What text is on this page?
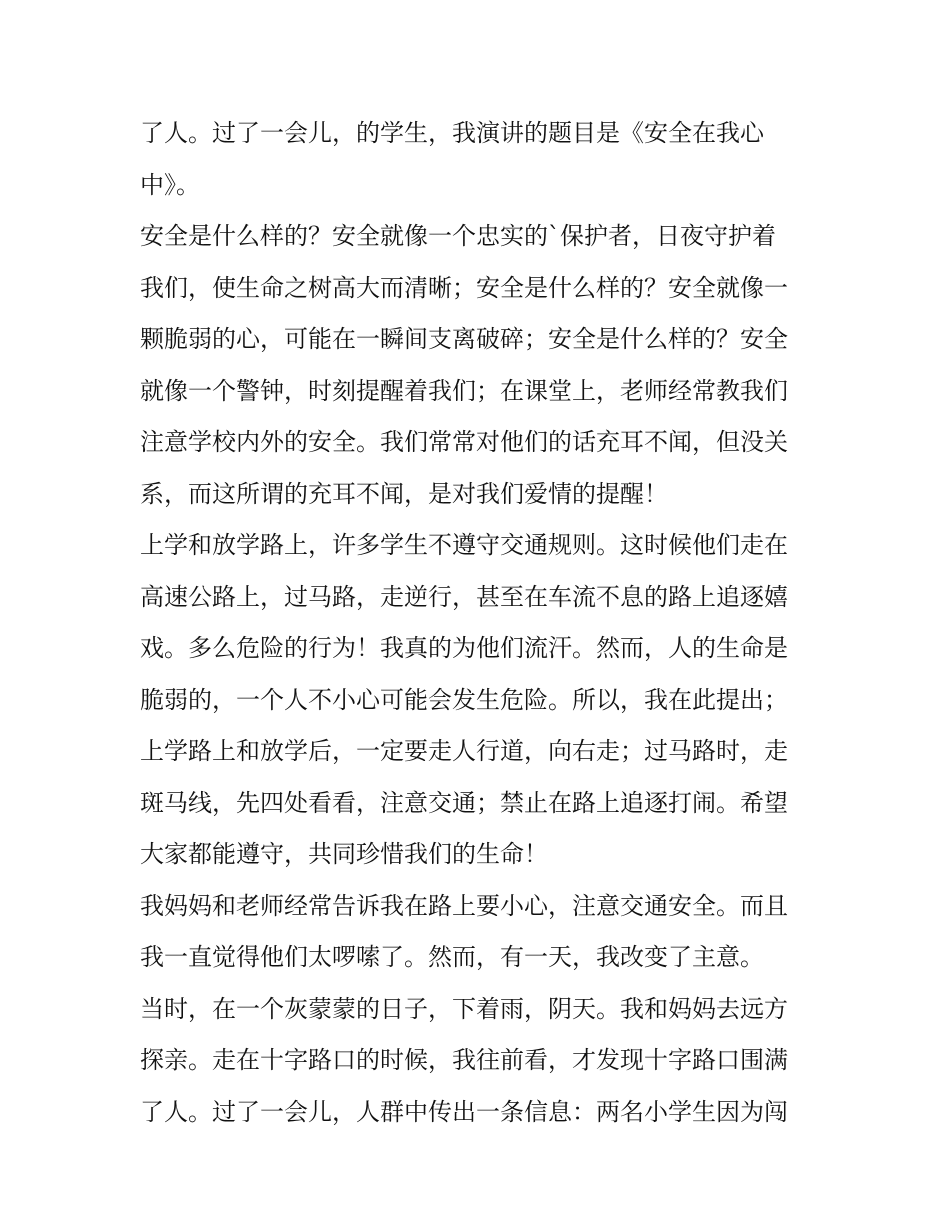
了人。过了一会儿，的学生，我演讲的题目是《安全在我心
中》。
安全是什么样的？安全就像一个忠实的`保护者，日夜守护着
我们，使生命之树高大而清晰；安全是什么样的？安全就像一
颗脆弱的心，可能在一瞬间支离破碎；安全是什么样的？安全
就像一个警钟，时刻提醒着我们；在课堂上，老师经常教我们
注意学校内外的安全。我们常常对他们的话充耳不闻，但没关
系，而这所谓的充耳不闻，是对我们爱情的提醒！
上学和放学路上，许多学生不遵守交通规则。这时候他们走在
高速公路上，过马路，走逆行，甚至在车流不息的路上追逐嬉
戏。多么危险的行为！我真的为他们流汗。然而，人的生命是
脆弱的，一个人不小心可能会发生危险。所以，我在此提出；
上学路上和放学后，一定要走人行道，向右走；过马路时，走
斑马线，先四处看看，注意交通；禁止在路上追逐打闹。希望
大家都能遵守，共同珍惜我们的生命！
我妈妈和老师经常告诉我在路上要小心，注意交通安全。而且
我一直觉得他们太啰嗦了。然而，有一天，我改变了主意。
当时，在一个灰蒙蒙的日子，下着雨，阴天。我和妈妈去远方
探亲。走在十字路口的时候，我往前看，才发现十字路口围满
了人。过了一会儿，人群中传出一条信息：两名小学生因为闯
